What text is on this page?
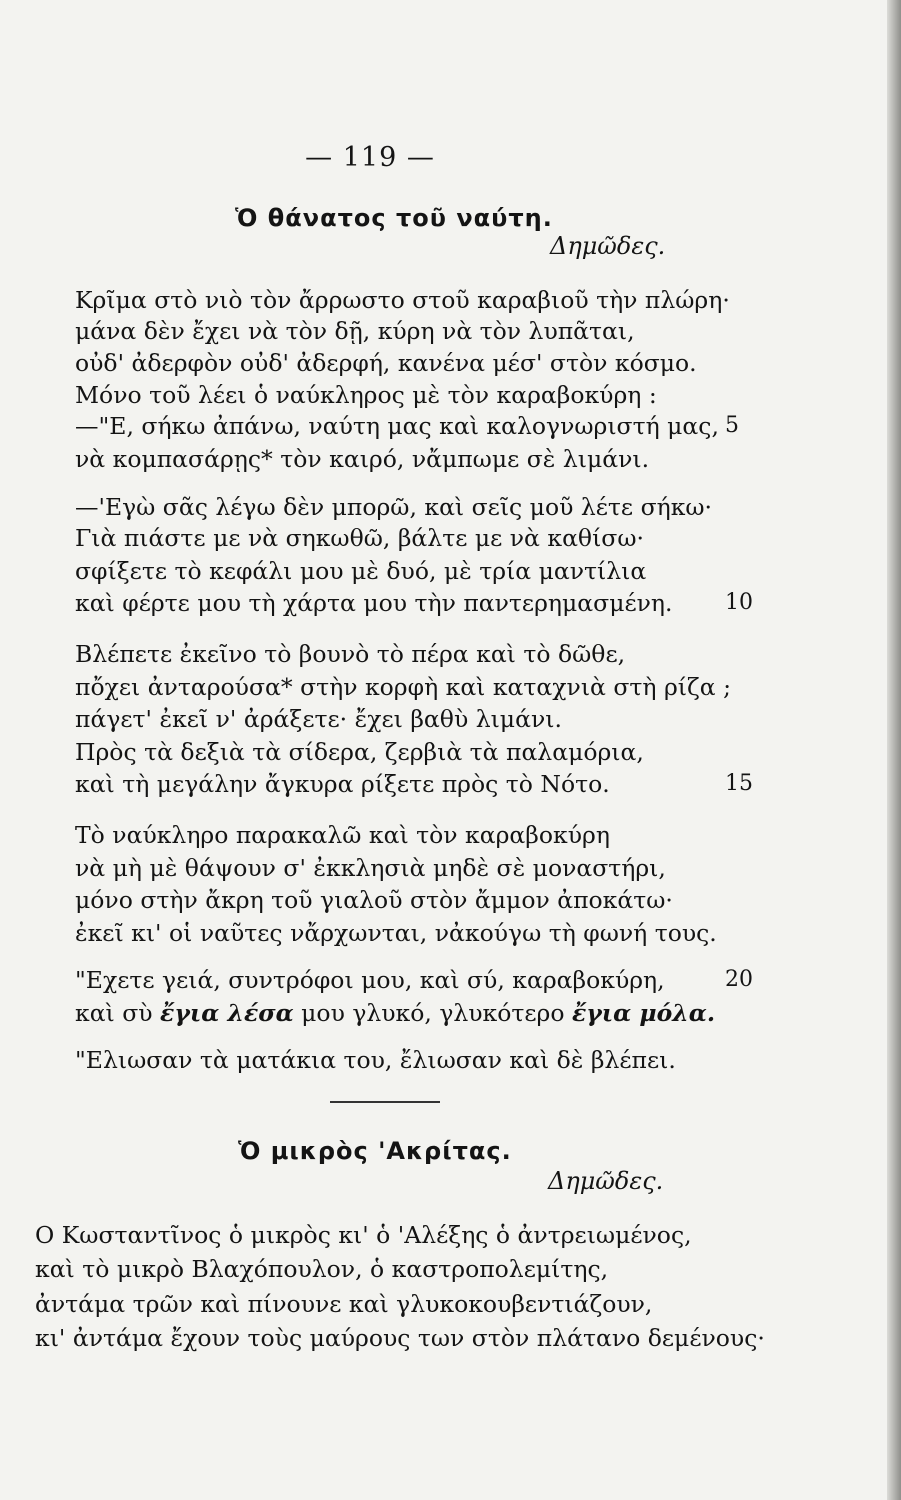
— 119 —
Ὁ θάνατος τοῦ ναύτη.
Δημῶδες.
Κρῖμα στὸ νιὸ τὸν ἄρρωστο στοῦ καραβιοῦ τὴν πλώρη·
μάνα δὲν ἔχει νὰ τὸν δῇ, κύρη νὰ τὸν λυπᾶται,
οὐδ' ἀδερφὸν οὐδ' ἀδερφή, κανένα μέσ' στὸν κόσμο.
Μόνο τοῦ λέει ὁ ναύκληρος μὲ τὸν καραβοκύρη :
—"Ε, σήκω ἀπάνω, ναύτη μας καὶ καλογνωριστή μας, 5
νὰ κομπασάρῃς* τὸν καιρό, νἄμπωμε σὲ λιμάνι.
—'Εγὼ σᾶς λέγω δὲν μπορῶ, καὶ σεῖς μοῦ λέτε σήκω·
Γιὰ πιάστε με νὰ σηκωθῶ, βάλτε με νὰ καθίσω·
σφίξετε τὸ κεφάλι μου μὲ δυό, μὲ τρία μαντίλια
καὶ φέρτε μου τὴ χάρτα μου τὴν παντερημασμένη. 10
Βλέπετε ἐκεῖνο τὸ βουνὸ τὸ πέρα καὶ τὸ δῶθε,
πὄχει ἀνταρούσα* στὴν κορφὴ καὶ καταχνιὰ στὴ ρίζα ;
πάγετ' ἐκεῖ ν' ἀράξετε· ἔχει βαθὺ λιμάνι.
Πρὸς τὰ δεξιὰ τὰ σίδερα, ζερβιὰ τὰ παλαμόρια,
καὶ τὴ μεγάλην ἄγκυρα ρίξετε πρὸς τὸ Νότο.	15
Τὸ ναύκληρο παρακαλῶ καὶ τὸν καραβοκύρη
νὰ μὴ μὲ θάψουν σ' ἐκκλησιὰ μηδὲ σὲ μοναστήρι,
μόνο στὴν ἄκρη τοῦ γιαλοῦ στὸν ἄμμον ἀποκάτω·
ἐκεῖ κι' οἱ ναῦτες νἄρχωνται, νἀκούγω τὴ φωνή τους.
"Εχετε γειά, συντρόφοι μου, καὶ σύ, καραβοκύρη,	20
καὶ σὺ ἔγια λέσα μου γλυκό, γλυκότερο ἔγια μόλα.
"Ελιωσαν τὰ ματάκια του, ἔλιωσαν καὶ δὲ βλέπει.
Ὁ μικρὸς 'Ακρίτας.
Δημῶδες.
Ο Κωσταντῖνος ὁ μικρὸς κι' ὁ 'Αλέξης ὁ ἀντρειωμένος,
καὶ τὸ μικρὸ Βλαχόπουλον, ὁ καστροπολεμίτης,
ἀντάμα τρῶν καὶ πίνουνε καὶ γλυκοκουβεντιάζουν,
κι' ἀντάμα ἔχουν τοὺς μαύρους των στὸν πλάτανο δεμένους·
